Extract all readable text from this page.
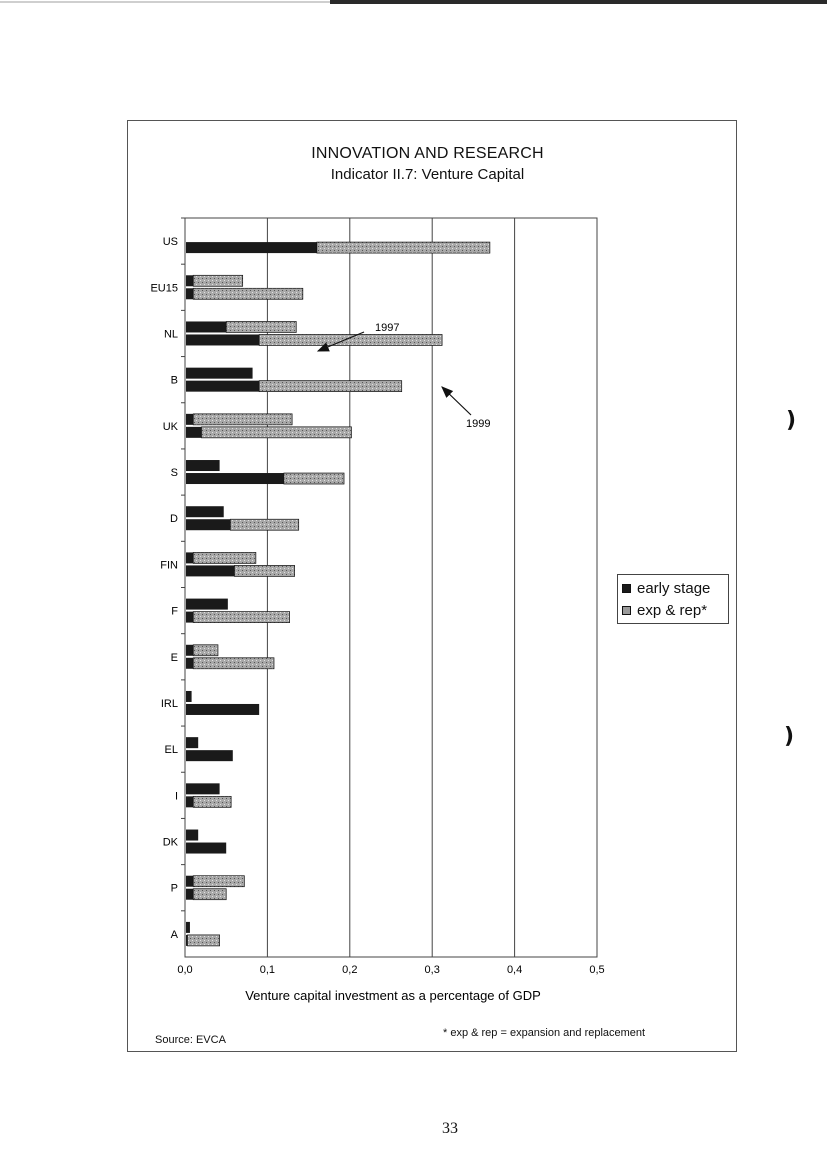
INNOVATION AND RESEARCH
Indicator II.7: Venture Capital
0,0	0,1	0,2	0,3	0,4	0,5
Venture capital investment as a percentage of GDP
US
EU15
NL
B
UK
S
D
FIN
F
E
IRL
EL
I
DK
P
A
1997
1999
early stage
exp & rep*
Source: EVCA
* exp & rep = expansion and replacement
33
)
)
